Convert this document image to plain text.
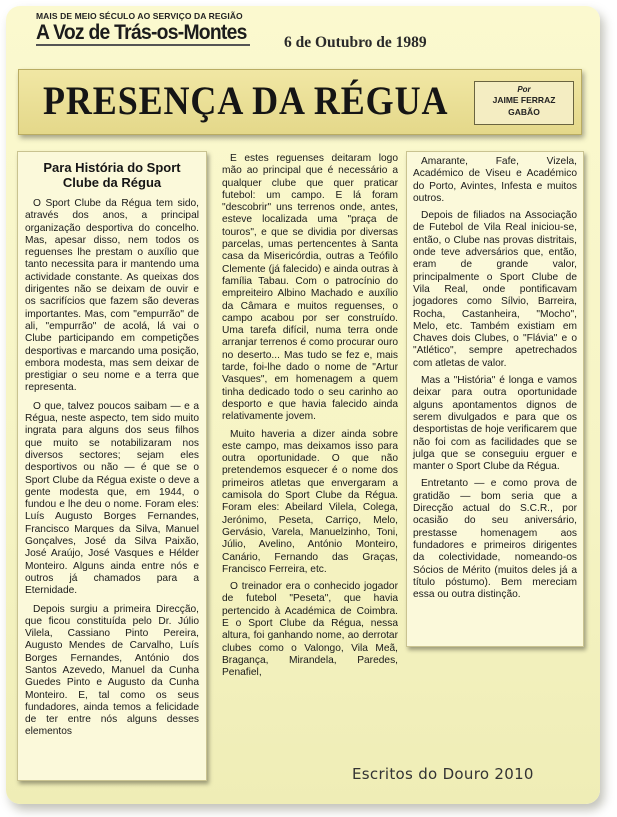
MAIS DE MEIO SÉCULO AO SERVIÇO DA REGIÃO
A Voz de Trás-os-Montes 6 de Outubro de 1989
PRESENÇA DA RÉGUA	Por
JAIME FERRAZ
GABÃO
Para História do Sport Clube da Régua

O Sport Clube da Régua tem sido, através dos anos, a principal organização desportiva do concelho. Mas, apesar disso, nem todos os reguenses lhe prestam o auxílio que tanto necessita para ir mantendo uma actividade constante. As queixas dos dirigentes não se deixam de ouvir e os sacrifícios que fazem são deveras importantes. Mas, com "empurrão" de ali, "empurrão" de acolá, lá vai o Clube participando em competições desportivas e marcando uma posição, embora modesta, mas sem deixar de prestigiar o seu nome e a terra que representa.

O que, talvez poucos saibam — e a Régua, neste aspecto, tem sido muito ingrata para alguns dos seus filhos que muito se notabilizaram nos diversos sectores; sejam eles desportivos ou não — é que se o Sport Clube da Régua existe o deve a gente modesta que, em 1944, o fundou e lhe deu o nome. Foram eles: Luís Augusto Borges Fernandes, Francisco Marques da Silva, Manuel Gonçalves, José da Silva Paixão, José Araújo, José Vasques e Hélder Monteiro. Alguns ainda entre nós e outros já chamados para a Eternidade.

Depois surgiu a primeira Direcção, que ficou constituída pelo Dr. Júlio Vilela, Cassiano Pinto Pereira, Augusto Mendes de Carvalho, Luís Borges Fernandes, António dos Santos Azevedo, Manuel da Cunha Guedes Pinto e Augusto da Cunha Monteiro. E, tal como os seus fundadores, ainda temos a felicidade de ter entre nós alguns desses elementos

E estes reguenses deitaram logo mão ao principal que é necessário a qualquer clube que quer praticar futebol: um campo. E lá foram "descobrir" uns terrenos onde, antes, esteve localizada uma "praça de touros", e que se dividia por diversas parcelas, umas pertencentes à Santa casa da Misericórdia, outras a Teófilo Clemente (já falecido) e ainda outras à família Tabau. Com o patrocínio do empreiteiro Albino Machado e auxílio da Câmara e muitos reguenses, o campo acabou por ser construído. Uma tarefa difícil, numa terra onde arranjar terrenos é como procurar ouro no deserto... Mas tudo se fez e, mais tarde, foi-lhe dado o nome de "Artur Vasques", em homenagem a quem tinha dedicado todo o seu carinho ao desporto e que havia falecido ainda relativamente jovem.

Muito haveria a dizer ainda sobre este campo, mas deixamos isso para outra oportunidade. O que não pretendemos esquecer é o nome dos primeiros atletas que envergaram a camisola do Sport Clube da Régua. Foram eles: Abeilard Vilela, Colega, Jerónimo, Peseta, Carriço, Melo, Gervásio, Varela, Manuelzinho, Toni, Júlio, Avelino, António Monteiro, Canário, Fernando das Graças, Francisco Ferreira, etc.

O treinador era o conhecido jogador de futebol "Peseta", que havia pertencido à Académica de Coimbra. E o Sport Clube da Régua, nessa altura, foi ganhando nome, ao derrotar clubes como o Valongo, Vila Meã, Bragança, Mirandela, Paredes, Penafiel,

Amarante, Fafe, Vizela, Académico de Viseu e Académico do Porto, Avintes, Infesta e muitos outros.

Depois de filiados na Associação de Futebol de Vila Real iniciou-se, então, o Clube nas provas distritais, onde teve adversários que, então, eram de grande valor, principalmente o Sport Clube de Vila Real, onde pontificavam jogadores como Sílvio, Barreira, Rocha, Castanheira, "Mocho", Melo, etc. Também existiam em Chaves dois Clubes, o "Flávia" e o "Atlético", sempre apetrechados com atletas de valor.

Mas a "História" é longa e vamos deixar para outra oportunidade alguns apontamentos dignos de serem divulgados e para que os desportistas de hoje verificarem que não foi com as facilidades que se julga que se conseguiu erguer e manter o Sport Clube da Régua.

Entretanto — e como prova de gratidão — bom seria que a Direcção actual do S.C.R., por ocasião do seu aniversário, prestasse homenagem aos fundadores e primeiros dirigentes da colectividade, nomeando-os Sócios de Mérito (muitos deles já a título póstumo). Bem mereciam essa ou outra distinção.

Escritos do Douro 2010
